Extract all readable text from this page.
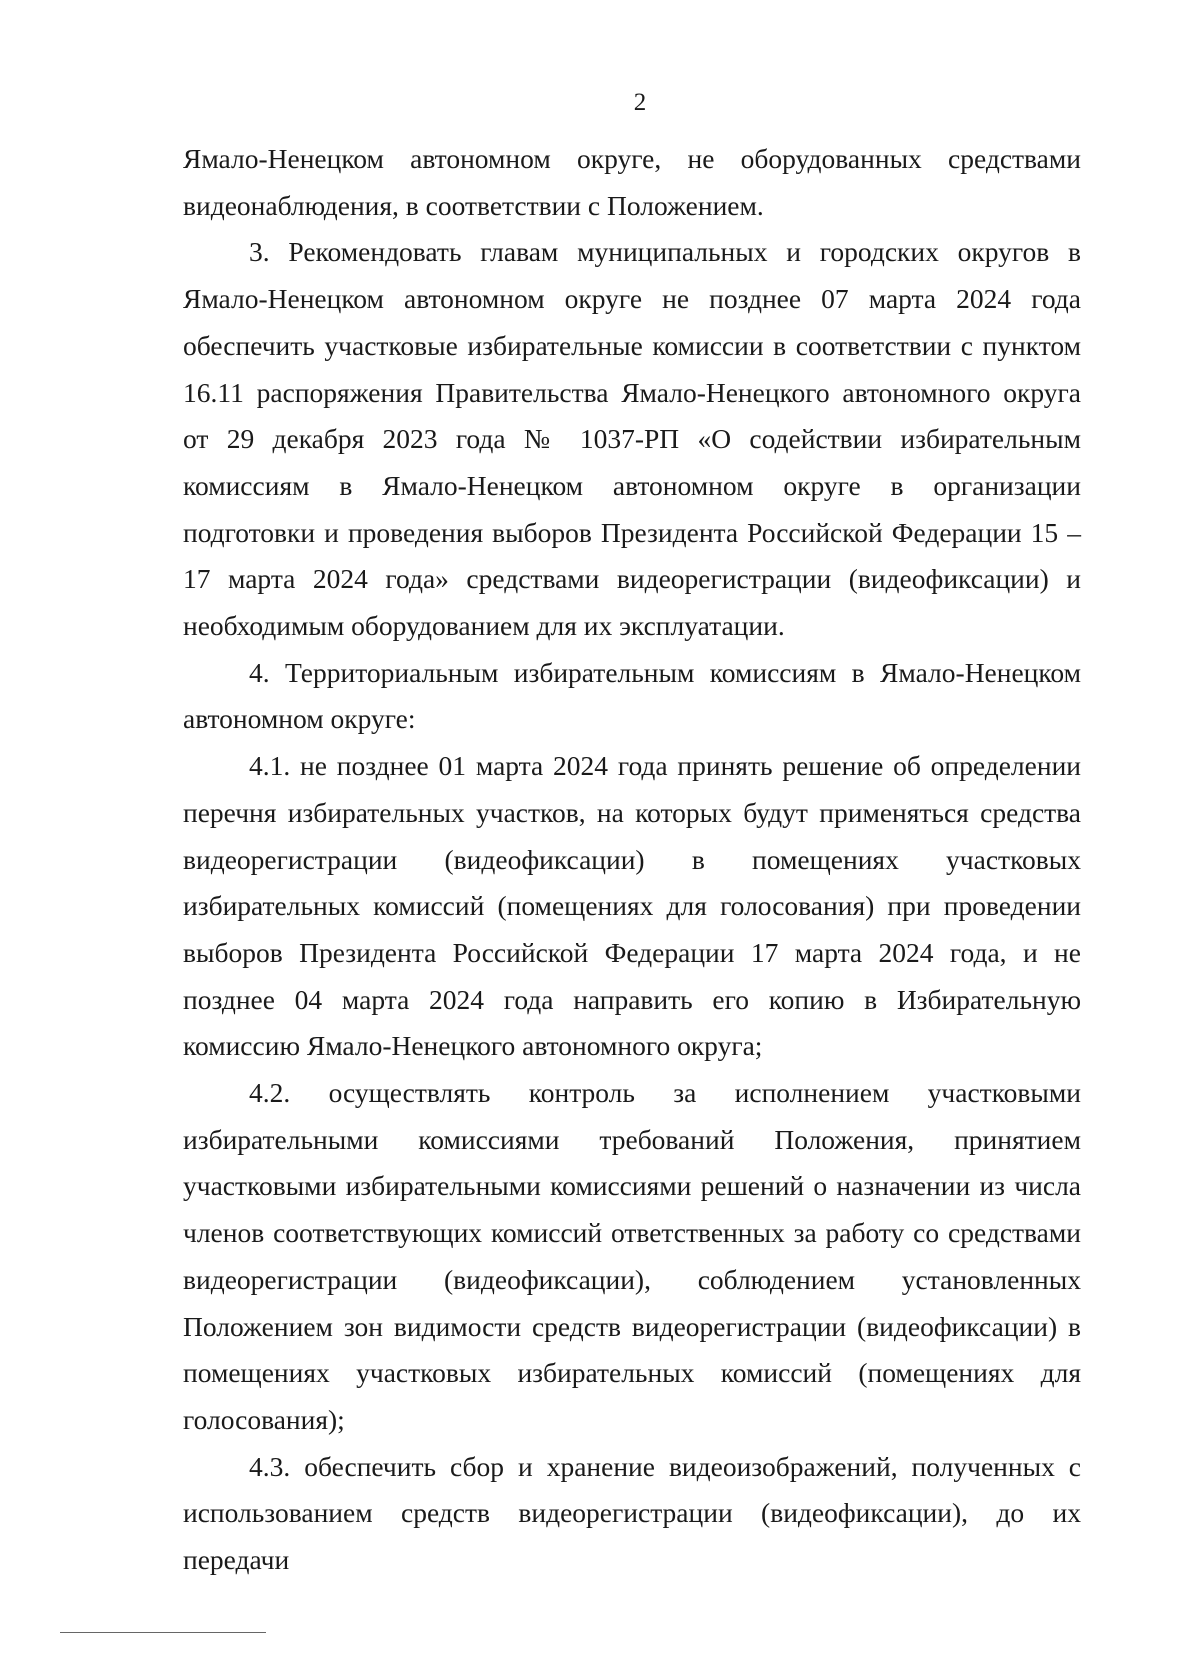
2

Ямало-Ненецком автономном округе, не оборудованных средствами видеонаблюдения, в соответствии с Положением.

3. Рекомендовать главам муниципальных и городских округов в Ямало-Ненецком автономном округе не позднее 07 марта 2024 года обеспечить участковые избирательные комиссии в соответствии с пунктом 16.11 распоряжения Правительства Ямало-Ненецкого автономного округа от 29 декабря 2023 года № 1037-РП «О содействии избирательным комиссиям в Ямало-Ненецком автономном округе в организации подготовки и проведения выборов Президента Российской Федерации 15 – 17 марта 2024 года» средствами видеорегистрации (видеофиксации) и необходимым оборудованием для их эксплуатации.

4. Территориальным избирательным комиссиям в Ямало-Ненецком автономном округе:

4.1. не позднее 01 марта 2024 года принять решение об определении перечня избирательных участков, на которых будут применяться средства видеорегистрации (видеофиксации) в помещениях участковых избирательных комиссий (помещениях для голосования) при проведении выборов Президента Российской Федерации 17 марта 2024 года, и не позднее 04 марта 2024 года направить его копию в Избирательную комиссию Ямало-Ненецкого автономного округа;

4.2. осуществлять контроль за исполнением участковыми избирательными комиссиями требований Положения, принятием участковыми избирательными комиссиями решений о назначении из числа членов соответствующих комиссий ответственных за работу со средствами видеорегистрации (видеофиксации), соблюдением установленных Положением зон видимости средств видеорегистрации (видеофиксации) в помещениях участковых избирательных комиссий (помещениях для голосования);

4.3. обеспечить сбор и хранение видеоизображений, полученных с использованием средств видеорегистрации (видеофиксации), до их передачи
